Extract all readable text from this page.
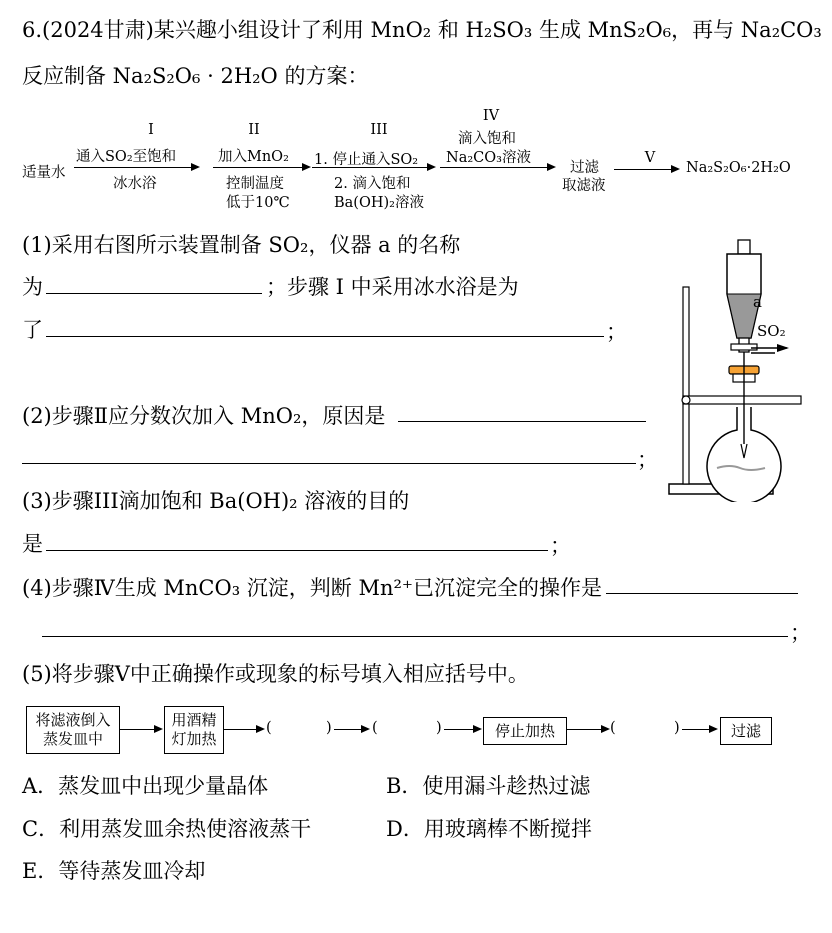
6.(2024甘肃)某兴趣小组设计了利用 MnO₂ 和 H₂SO₃ 生成 MnS₂O₆，再与 Na₂CO₃
反应制备 Na₂S₂O₆ · 2H₂O 的方案：
适量水
I
通入SO₂至饱和
冰水浴
II
加入MnO₂
控制温度
低于10℃
III
1. 停止通入SO₂
2. 滴入饱和
Ba(OH)₂溶液
IV
滴入饱和
Na₂CO₃溶液
过滤
取滤液
V
Na₂S₂O₆·2H₂O
a
SO₂
(1)采用右图所示装置制备 SO₂，仪器 a 的名称
为	；步骤 I 中采用冰水浴是为
了	；
(2)步骤Ⅱ应分数次加入 MnO₂，原因是
；
(3)步骤III滴加饱和 Ba(OH)₂ 溶液的目的
是	；
(4)步骤Ⅳ生成 MnCO₃ 沉淀，判断 Mn²⁺已沉淀完全的操作是
；
(5)将步骤Ⅴ中正确操作或现象的标号填入相应括号中。
将滤液倒入
蒸发皿中
用酒精
灯加热
(	)	(	)	停止加热	(	)	过滤
A．蒸发皿中出现少量晶体	B．使用漏斗趁热过滤
C．利用蒸发皿余热使溶液蒸干	D．用玻璃棒不断搅拌
E．等待蒸发皿冷却
